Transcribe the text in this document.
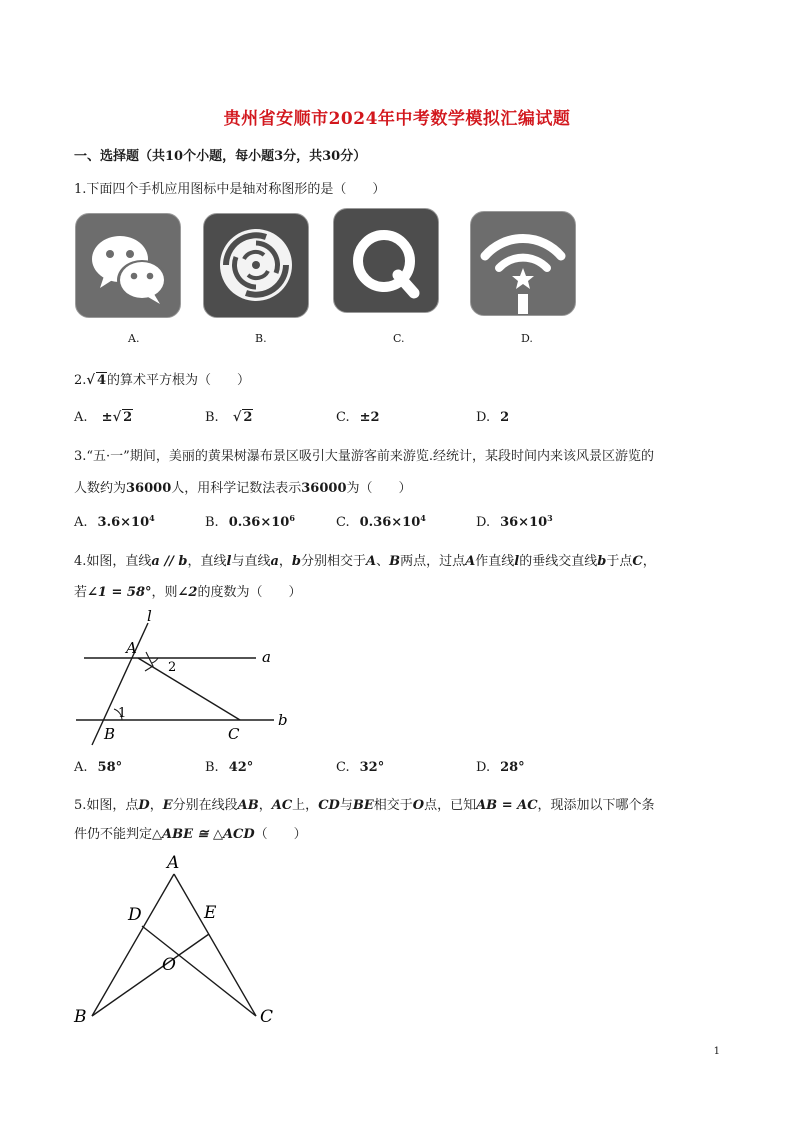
贵州省安顺市2024年中考数学模拟汇编试题
一、选择题（共10个小题，每小题3分，共30分）
1.下面四个手机应用图标中是轴对称图形的是（　　）
A.	B.	C.	D.
2.√ 4的算术平方根为（　　）
A. ±√ 2	B. √ 2	C. ±2	D. 2
3.“五·一”期间，美丽的黄果树瀑布景区吸引大量游客前来游览.经统计，某段时间内来该风景区游览的
人数约为36000人，用科学记数法表示36000为（　　）
A. $3.6\times 10^4$	B. $0.36\times 10^6$	C. $0.36\times 10^4$	D. $36\times 10^3$
4.如图，直线a // b，直线l与直线a，b分别相交于A、B两点，过点A作直线l的垂线交直线b于点C，
若∠1 = 58°，则∠2的度数为（　　）
l
A	a
2
1
B	C
b
A. 58°	B. 42°	C. 32°	D. 28°
5.如图，点D，E分别在线段AB，AC上，CD与BE相交于O点，已知AB = AC，现添加以下哪个条
件仍不能判定△ABE ≅ △ACD（　　）
A
D	E
O
B	C
1
